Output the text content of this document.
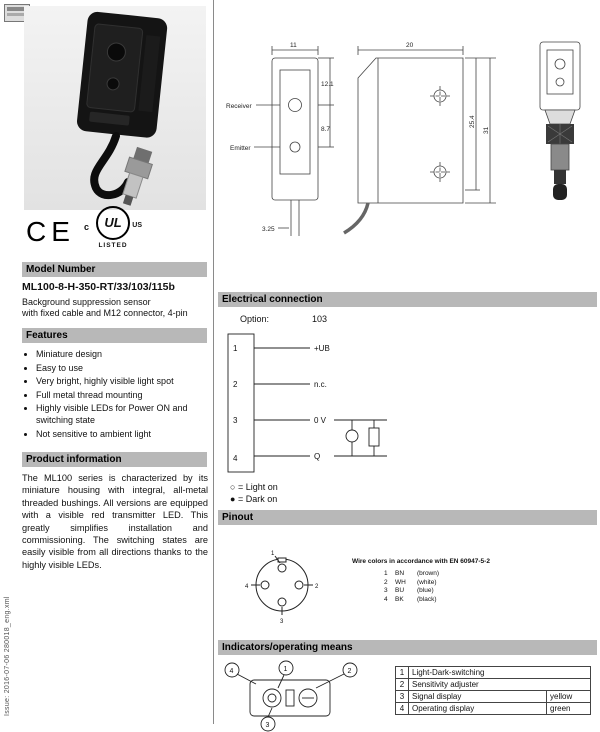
Issue: 2016-07-06 280018_eng.xml
CE c	UL	US
LISTED
Model Number
ML100-8-H-350-RT/33/103/115b
Background suppression sensor
with fixed cable and M12 connector, 4-pin
Features
• Miniature design
• Easy to use
• Very bright, highly visible light spot
• Full metal thread mounting
• Highly visible LEDs for Power ON and switching state
• Not sensitive to ambient light
Product information
The ML100 series is characterized by its miniature housing with integral, all-metal threaded bushings. All versions are equipped with a visible red transmitter LED. This greatly simplifies installation and commissioning. The switching states are easily visible from all directions thanks to the highly visible LEDs.
11
Receiver
Emitter
12.1
8.7
3.25
20
25.4
31
Electrical connection
Option:	103
1
2
3
4
+UB
n.c.
0 V
Q
○ = Light on
● = Dark on
Pinout
1
2
3
4
Wire colors in accordance with EN 60947-5-2
1	BN	(brown)
2	WH	(white)
3	BU	(blue)
4	BK	(black)
Indicators/operating means
4	1	2
3
1	Light-Dark-switching	
2	Sensitivity adjuster	
3	Signal display	yellow
4	Operating display	green
